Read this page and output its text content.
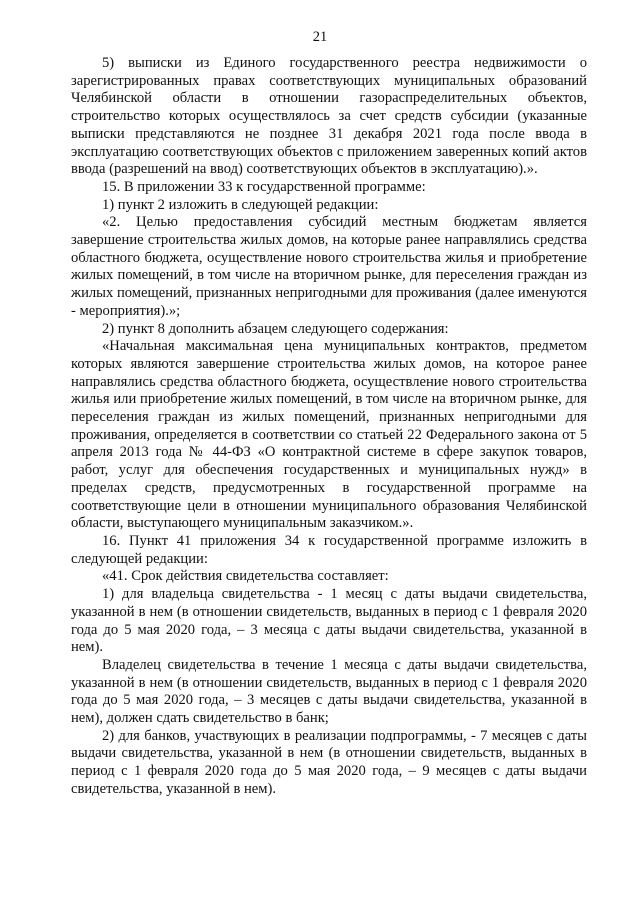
21

5) выписки из Единого государственного реестра недвижимости о зарегистрированных правах соответствующих муниципальных образований Челябинской области в отношении газораспределительных объектов, строительство которых осуществлялось за счет средств субсидии (указанные выписки представляются не позднее 31 декабря 2021 года после ввода в эксплуатацию соответствующих объектов с приложением заверенных копий актов ввода (разрешений на ввод) соответствующих объектов в эксплуатацию).».

15. В приложении 33 к государственной программе:

1) пункт 2 изложить в следующей редакции:

«2. Целью предоставления субсидий местным бюджетам является завершение строительства жилых домов, на которые ранее направлялись средства областного бюджета, осуществление нового строительства жилья и приобретение жилых помещений, в том числе на вторичном рынке, для переселения граждан из жилых помещений, признанных непригодными для проживания (далее именуются - мероприятия).»;

2) пункт 8 дополнить абзацем следующего содержания:

«Начальная максимальная цена муниципальных контрактов, предметом которых являются завершение строительства жилых домов, на которое ранее направлялись средства областного бюджета, осуществление нового строительства жилья или приобретение жилых помещений, в том числе на вторичном рынке, для переселения граждан из жилых помещений, признанных непригодными для проживания, определяется в соответствии со статьей 22 Федерального закона от 5 апреля 2013 года № 44-ФЗ «О контрактной системе в сфере закупок товаров, работ, услуг для обеспечения государственных и муниципальных нужд» в пределах средств, предусмотренных в государственной программе на соответствующие цели в отношении муниципального образования Челябинской области, выступающего муниципальным заказчиком.».

16. Пункт 41 приложения 34 к государственной программе изложить в следующей редакции:

«41. Срок действия свидетельства составляет:

1) для владельца свидетельства - 1 месяц с даты выдачи свидетельства, указанной в нем (в отношении свидетельств, выданных в период с 1 февраля 2020 года до 5 мая 2020 года, – 3 месяца с даты выдачи свидетельства, указанной в нем).

Владелец свидетельства в течение 1 месяца с даты выдачи свидетельства, указанной в нем (в отношении свидетельств, выданных в период с 1 февраля 2020 года до 5 мая 2020 года, – 3 месяцев с даты выдачи свидетельства, указанной в нем), должен сдать свидетельство в банк;

2) для банков, участвующих в реализации подпрограммы, - 7 месяцев с даты выдачи свидетельства, указанной в нем (в отношении свидетельств, выданных в период с 1 февраля 2020 года до 5 мая 2020 года, – 9 месяцев с даты выдачи свидетельства, указанной в нем).
